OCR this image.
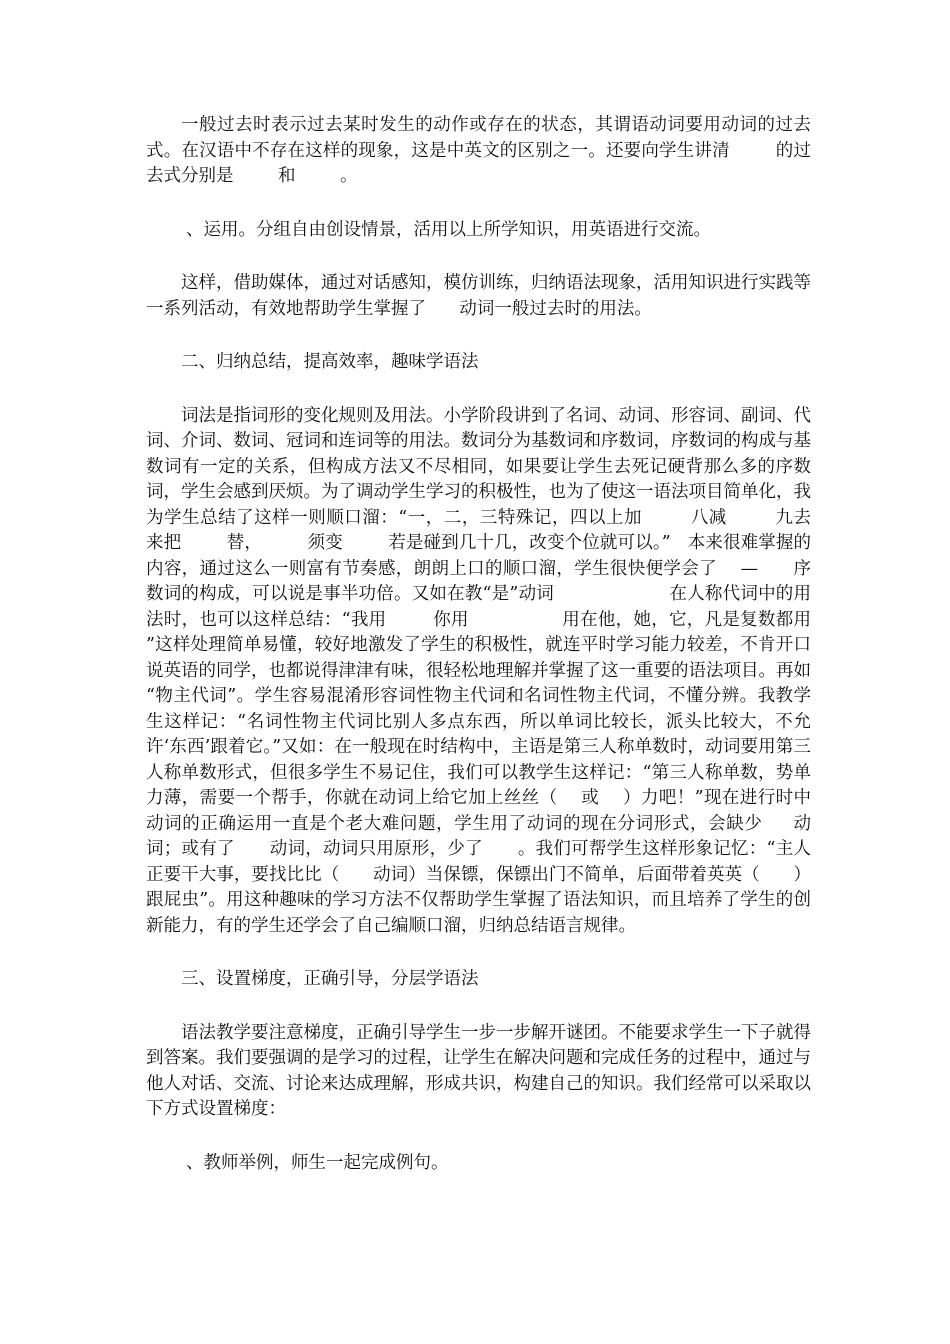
一般过去时表示过去某时发生的动作或存在的状态，其谓语动词要用动词的过去式。在汉语中不存在这样的现象，这是中英文的区别之一。还要向学生讲清        的过去式分别是        和        。

、运用。分组自由创设情景，活用以上所学知识，用英语进行交流。

这样，借助媒体，通过对话感知，模仿训练，归纳语法现象，活用知识进行实践等一系列活动，有效地帮助学生掌握了      动词一般过去时的用法。

二、归纳总结，提高效率，趣味学语法

词法是指词形的变化规则及用法。小学阶段讲到了名词、动词、形容词、副词、代词、介词、数词、冠词和连词等的用法。数词分为基数词和序数词，序数词的构成与基数词有一定的关系，但构成方法又不尽相同，如果要让学生去死记硬背那么多的序数词，学生会感到厌烦。为了调动学生学习的积极性，也为了使这一语法项目简单化，我为学生总结了这样一则顺口溜：“一，二，三特殊记，四以上加        八减        九去        来把        替，        须变        若是碰到几十几，改变个位就可以。”   本来很难掌握的内容，通过这么一则富有节奏感，朗朗上口的顺口溜，学生很快便学会了    —      序数词的构成，可以说是事半功倍。又如在教“是”动词                    在人称代词中的用法时，也可以这样总结：“我用        你用                用在他，她，它，凡是复数都用          ”这样处理简单易懂，较好地激发了学生的积极性，就连平时学习能力较差，不肯开口说英语的同学，也都说得津津有味，很轻松地理解并掌握了这一重要的语法项目。再如   “物主代词”。学生容易混淆形容词性物主代词和名词性物主代词，不懂分辨。我教学生这样记：“名词性物主代词比别人多点东西，所以单词比较长，派头比较大，不允许‘东西’跟着它。”又如：在一般现在时结构中，主语是第三人称单数时，动词要用第三人称单数形式，但很多学生不易记住，我们可以教学生这样记：“第三人称单数，势单力薄，需要一个帮手，你就在动词上给它加上丝丝（    或    ）力吧！”现在进行时中动词的正确运用一直是个老大难问题，学生用了动词的现在分词形式，会缺少     动词；或有了      动词，动词只用原形，少了      。我们可帮学生这样形象记忆：“主人正要干大事，要找比比（      动词）当保镖，保镖出门不简单，后面带着英英（      ）跟屁虫”。用这种趣味的学习方法不仅帮助学生掌握了语法知识，而且培养了学生的创新能力，有的学生还学会了自己编顺口溜，归纳总结语言规律。

三、设置梯度，正确引导，分层学语法

语法教学要注意梯度，正确引导学生一步一步解开谜团。不能要求学生一下子就得到答案。我们要强调的是学习的过程，让学生在解决问题和完成任务的过程中，通过与他人对话、交流、讨论来达成理解，形成共识，构建自己的知识。我们经常可以采取以下方式设置梯度：

、教师举例，师生一起完成例句。
